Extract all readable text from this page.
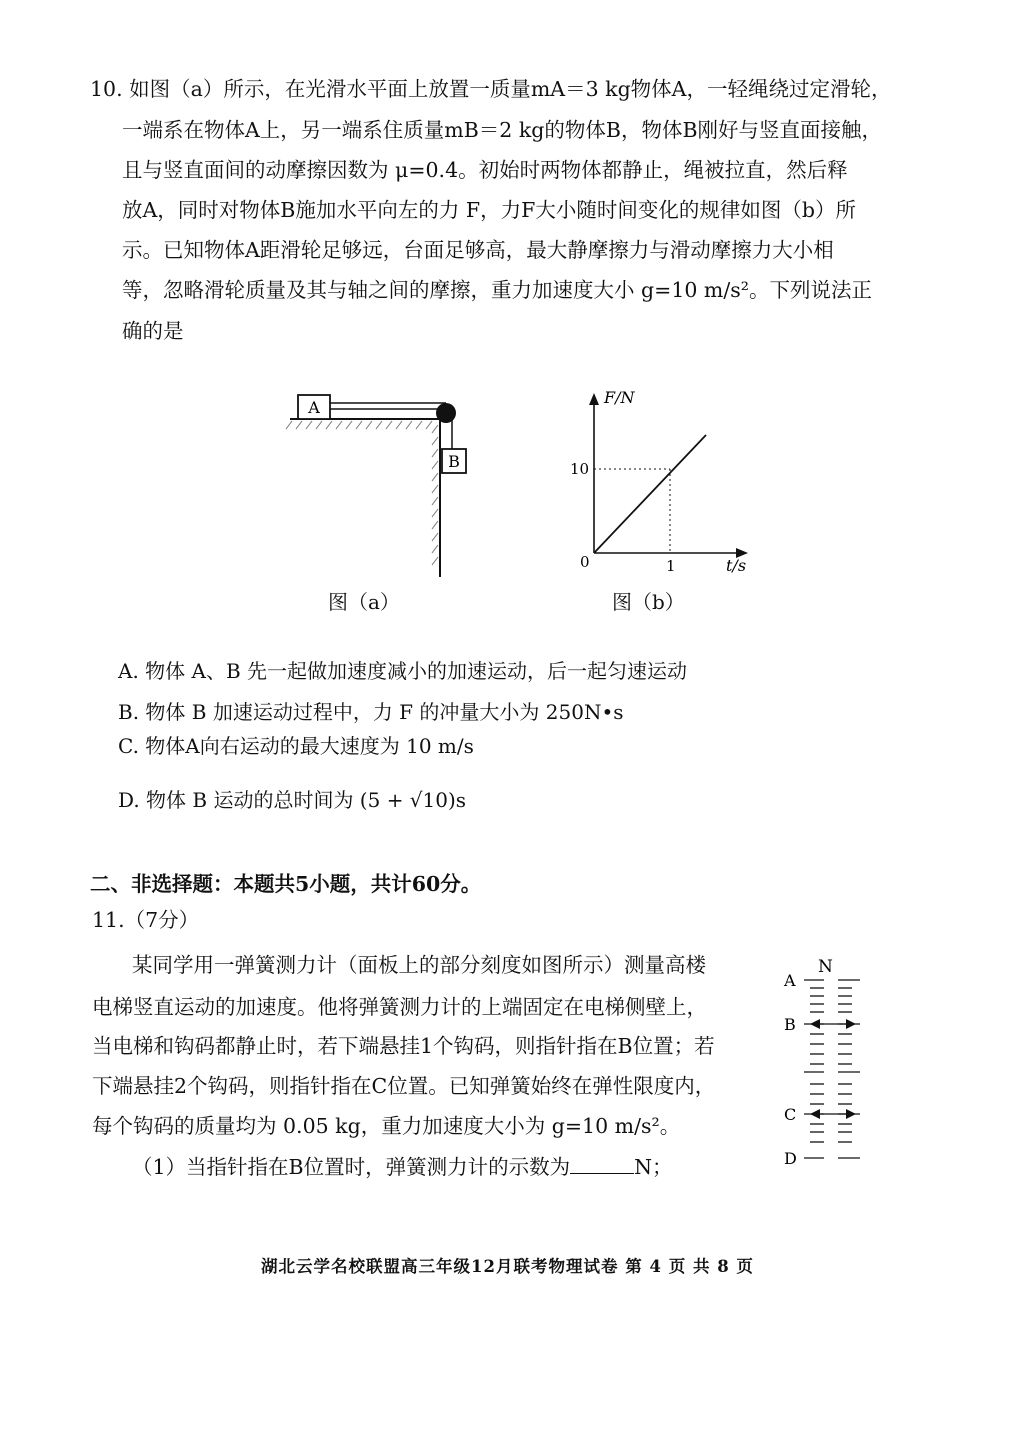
10. 如图（a）所示，在光滑水平面上放置一质量mA＝3 kg物体A，一轻绳绕过定滑轮，
一端系在物体A上，另一端系住质量mB＝2 kg的物体B，物体B刚好与竖直面接触，
且与竖直面间的动摩擦因数为 μ=0.4。初始时两物体都静止，绳被拉直，然后释
放A，同时对物体B施加水平向左的力 F，力F大小随时间变化的规律如图（b）所
示。已知物体A距滑轮足够远，台面足够高，最大静摩擦力与滑动摩擦力大小相
等，忽略滑轮质量及其与轴之间的摩擦，重力加速度大小 g=10 m/s²。下列说法正
确的是
A
B
图（a）
F/N
t/s
0
10
1
图（b）
A. 物体 A、B 先一起做加速度减小的加速运动，后一起匀速运动
B. 物体 B 加速运动过程中，力 F 的冲量大小为 250N•s
C. 物体A向右运动的最大速度为 10 m/s
D. 物体 B 运动的总时间为 (5 + √10)s
二、非选择题：本题共5小题，共计60分。
11.（7分）
某同学用一弹簧测力计（面板上的部分刻度如图所示）测量高楼
电梯竖直运动的加速度。他将弹簧测力计的上端固定在电梯侧壁上，
当电梯和钩码都静止时，若下端悬挂1个钩码，则指针指在B位置；若
下端悬挂2个钩码，则指针指在C位置。已知弹簧始终在弹性限度内，
每个钩码的质量均为 0.05 kg，重力加速度大小为 g=10 m/s²。
（1）当指针指在B位置时，弹簧测力计的示数为	N；
N
A
B
C
D
湖北云学名校联盟高三年级12月联考物理试卷 第 4 页 共 8 页
